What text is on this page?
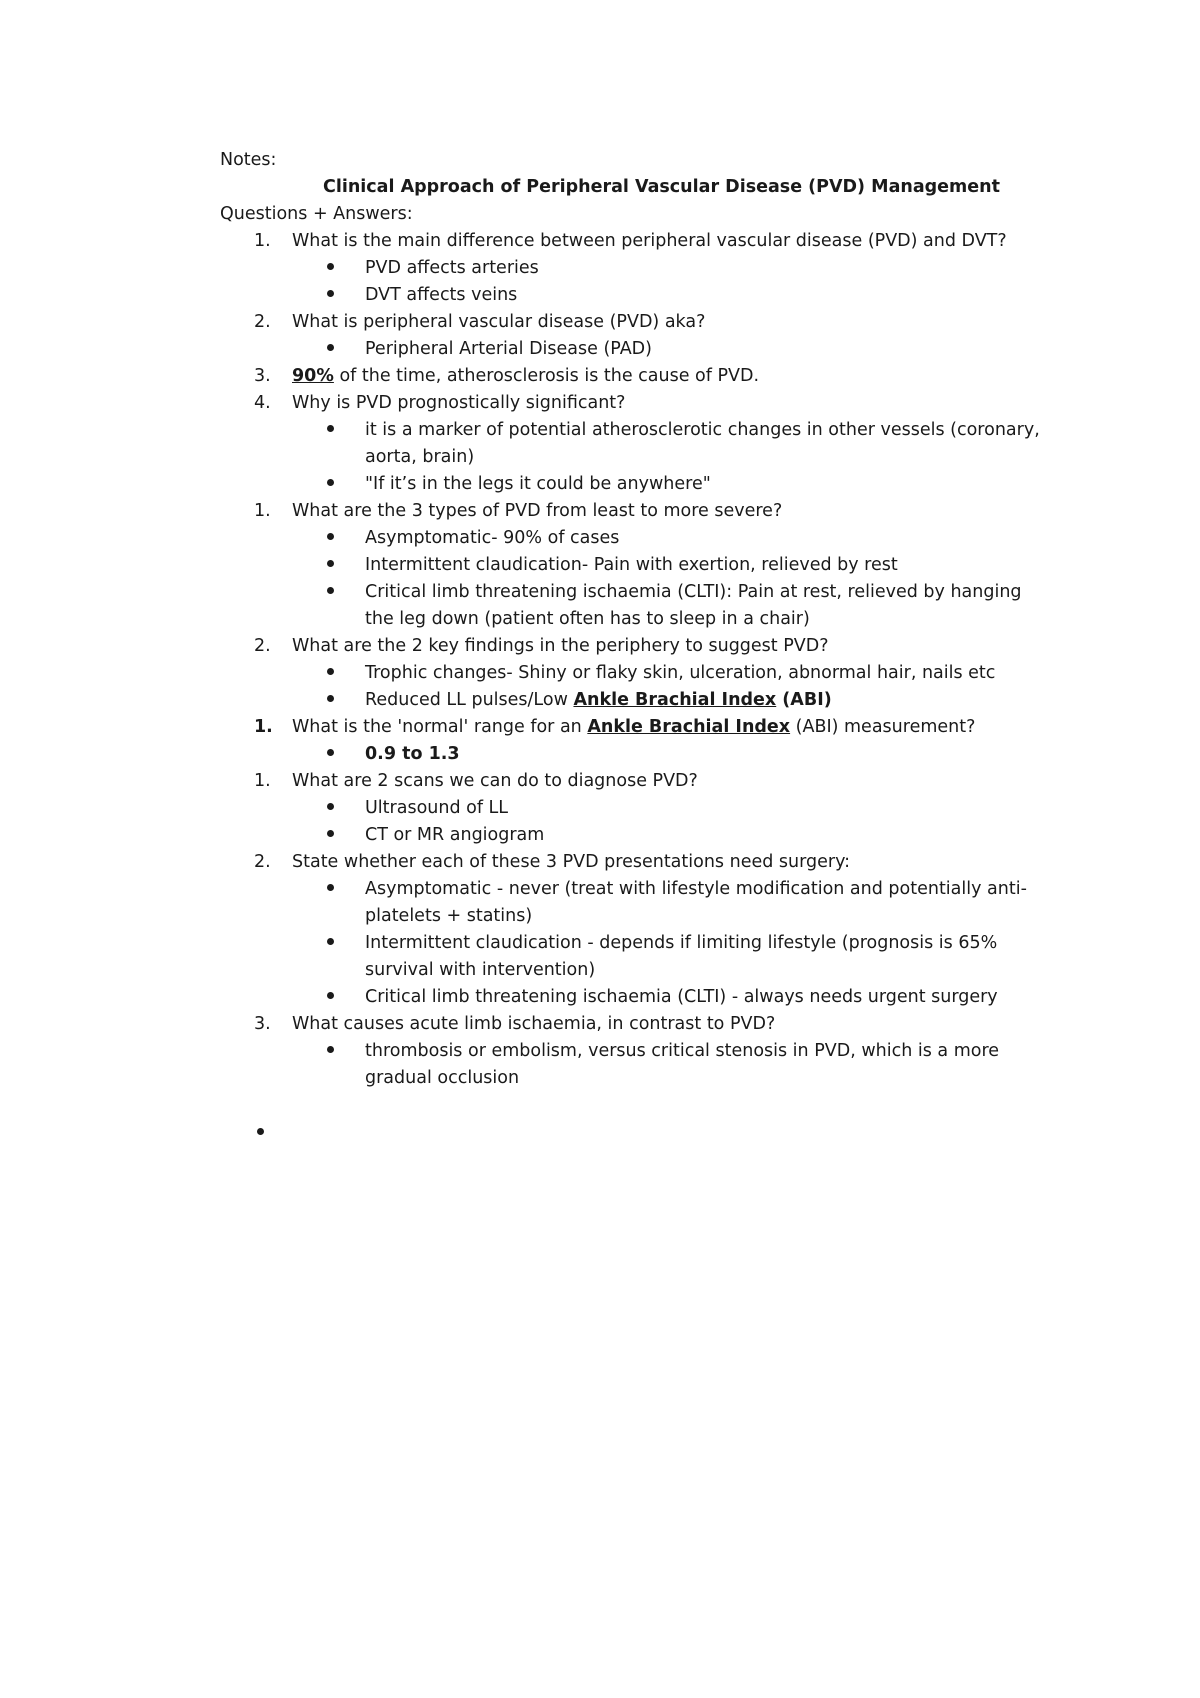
Notes:
Clinical Approach of Peripheral Vascular Disease (PVD) Management
Questions + Answers:
1. What is the main difference between peripheral vascular disease (PVD) and DVT?
PVD affects arteries
DVT affects veins
2. What is peripheral vascular disease (PVD) aka?
Peripheral Arterial Disease (PAD)
3. 90% of the time, atherosclerosis is the cause of PVD.
4. Why is PVD prognostically significant?
it is a marker of potential atherosclerotic changes in other vessels (coronary,
aorta, brain)
"If it’s in the legs it could be anywhere"
1. What are the 3 types of PVD from least to more severe?
Asymptomatic- 90% of cases
Intermittent claudication- Pain with exertion, relieved by rest
Critical limb threatening ischaemia (CLTI): Pain at rest, relieved by hanging
the leg down (patient often has to sleep in a chair)
2. What are the 2 key findings in the periphery to suggest PVD?
Trophic changes- Shiny or flaky skin, ulceration, abnormal hair, nails etc
Reduced LL pulses/Low Ankle Brachial Index (ABI)
1. What is the 'normal' range for an Ankle Brachial Index (ABI) measurement?
0.9 to 1.3
1. What are 2 scans we can do to diagnose PVD?
Ultrasound of LL
CT or MR angiogram
2. State whether each of these 3 PVD presentations need surgery:
Asymptomatic - never (treat with lifestyle modification and potentially anti-
platelets + statins)
Intermittent claudication - depends if limiting lifestyle (prognosis is 65%
survival with intervention)
Critical limb threatening ischaemia (CLTI) - always needs urgent surgery
3. What causes acute limb ischaemia, in contrast to PVD?
thrombosis or embolism, versus critical stenosis in PVD, which is a more
gradual occlusion
